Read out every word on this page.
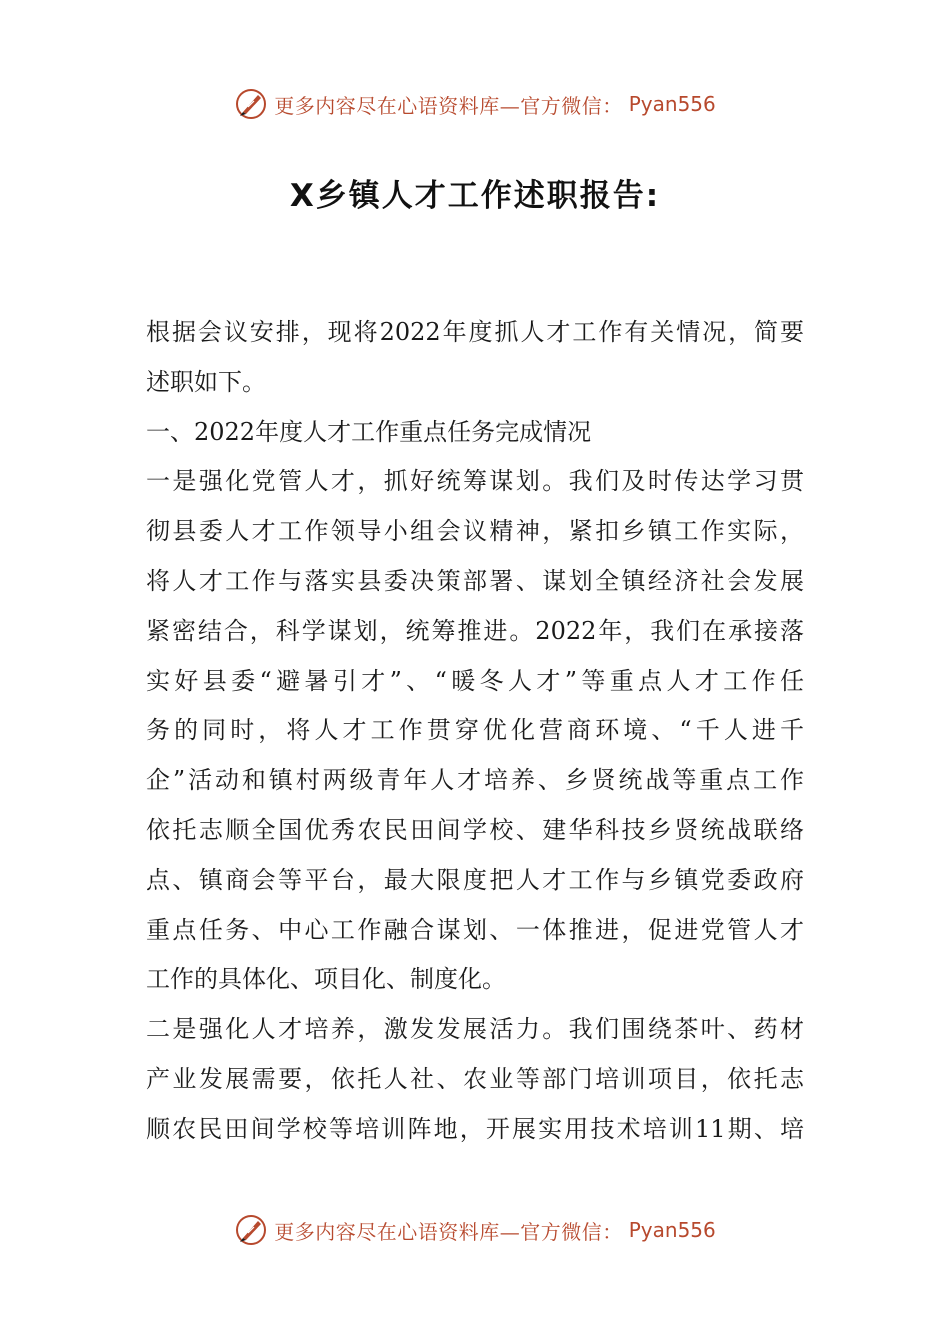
更多内容尽在心语资料库—官方微信： Pyan556
X乡镇人才工作述职报告:
根据会议安排，现将2022年度抓人才工作有关情况，简要
述职如下。
一、2022年度人才工作重点任务完成情况
一是强化党管人才，抓好统筹谋划。我们及时传达学习贯
彻县委人才工作领导小组会议精神，紧扣乡镇工作实际，
将人才工作与落实县委决策部署、谋划全镇经济社会发展
紧密结合，科学谋划，统筹推进。2022年，我们在承接落
实好县委“避暑引才”、“暖冬人才”等重点人才工作任
务的同时，将人才工作贯穿优化营商环境、“千人进千
企”活动和镇村两级青年人才培养、乡贤统战等重点工作
依托志顺全国优秀农民田间学校、建华科技乡贤统战联络
点、镇商会等平台，最大限度把人才工作与乡镇党委政府
重点任务、中心工作融合谋划、一体推进，促进党管人才
工作的具体化、项目化、制度化。
二是强化人才培养，激发发展活力。我们围绕茶叶、药材
产业发展需要，依托人社、农业等部门培训项目，依托志
顺农民田间学校等培训阵地，开展实用技术培训11期、培
更多内容尽在心语资料库—官方微信： Pyan556
